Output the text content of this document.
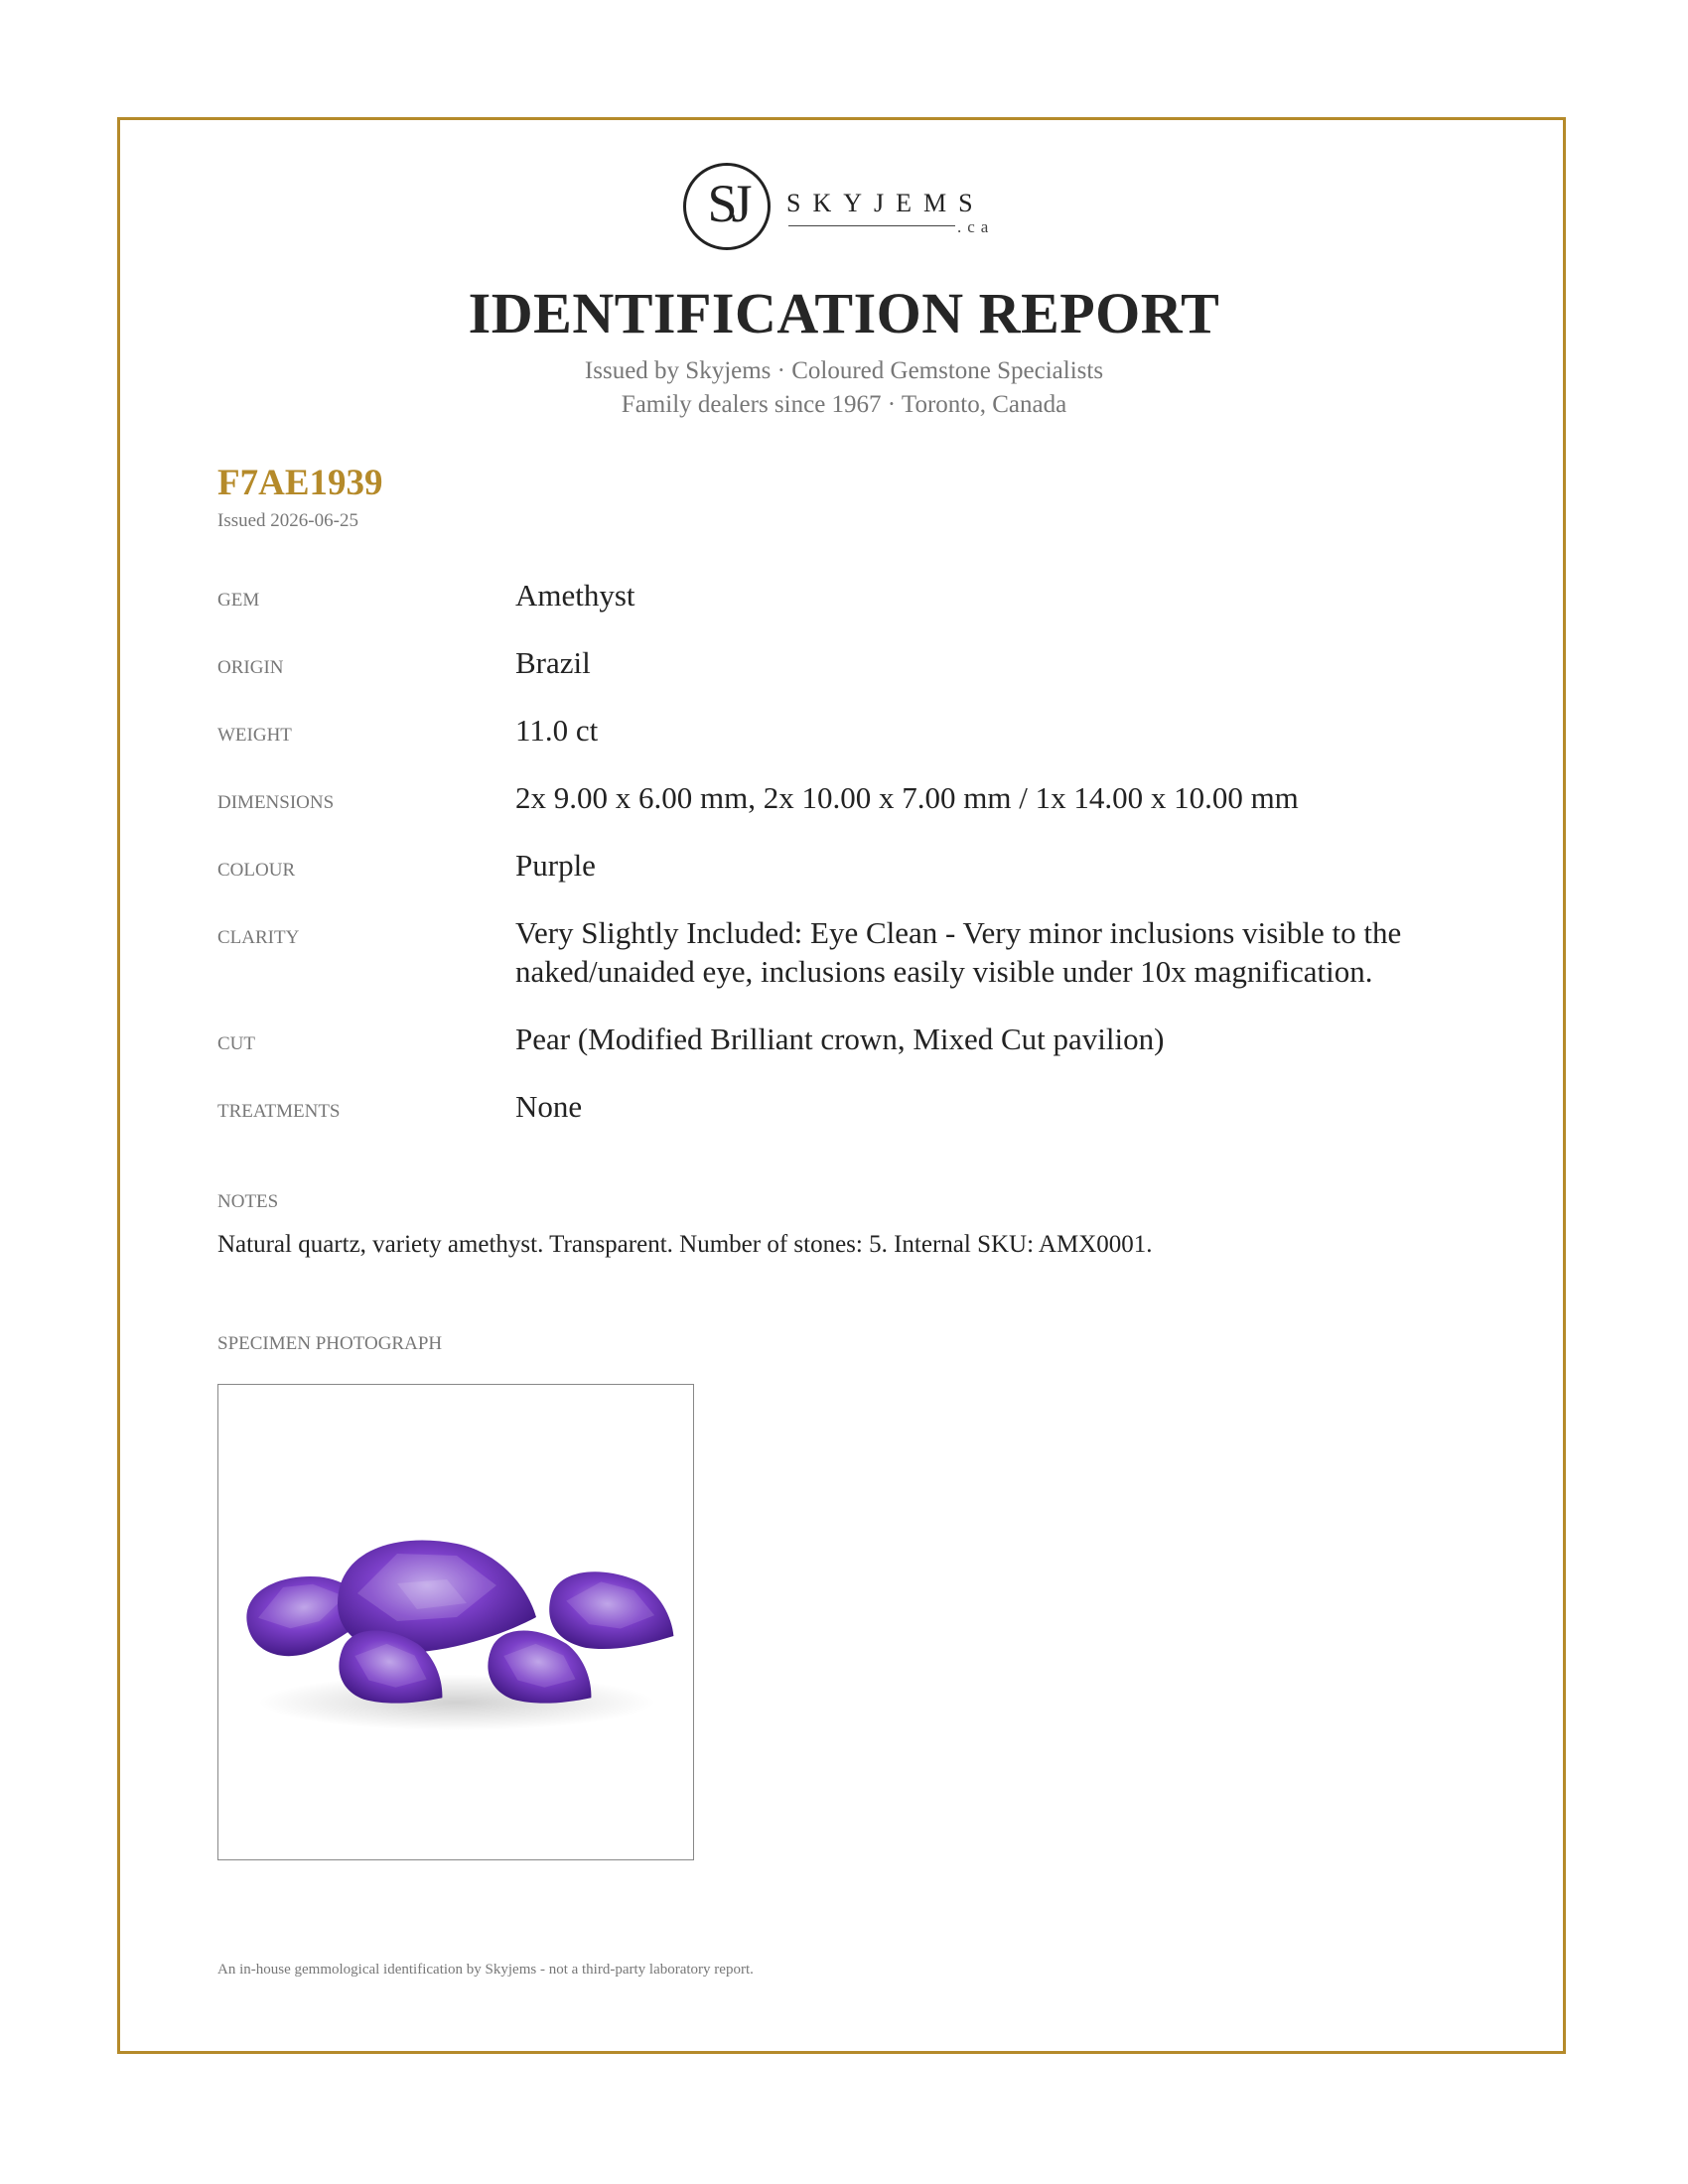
SJ	SKYJEMS
.ca
IDENTIFICATION REPORT
Issued by Skyjems · Coloured Gemstone Specialists
Family dealers since 1967 · Toronto, Canada
F7AE1939
Issued 2026-06-25
GEM	Amethyst
ORIGIN	Brazil
WEIGHT	11.0 ct
DIMENSIONS	2x 9.00 x 6.00 mm, 2x 10.00 x 7.00 mm / 1x 14.00 x 10.00 mm
COLOUR	Purple
CLARITY	Very Slightly Included: Eye Clean - Very minor inclusions visible to the naked/unaided eye, inclusions easily visible under 10x magnification.
CUT	Pear (Modified Brilliant crown, Mixed Cut pavilion)
TREATMENTS	None
NOTES
Natural quartz, variety amethyst. Transparent. Number of stones: 5. Internal SKU: AMX0001.
SPECIMEN PHOTOGRAPH
An in-house gemmological identification by Skyjems - not a third-party laboratory report.
